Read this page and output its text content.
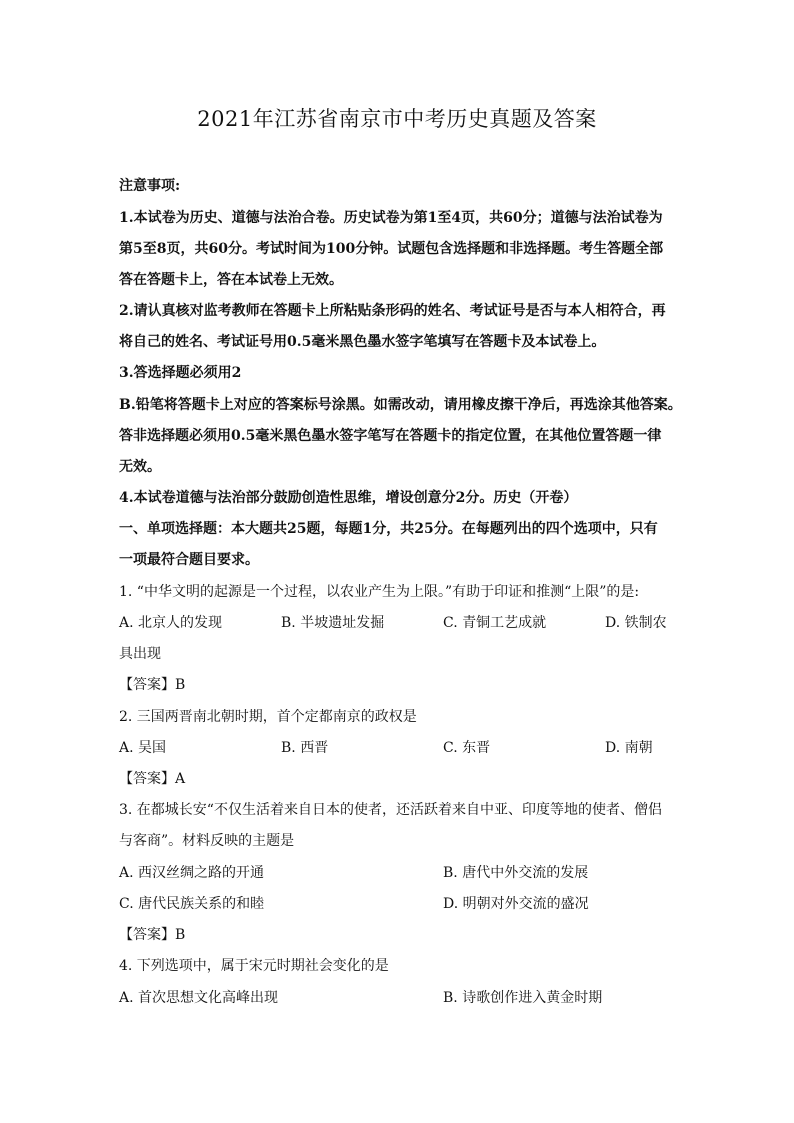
2021年江苏省南京市中考历史真题及答案
注意事项:
1.本试卷为历史、道德与法治合卷。历史试卷为第1至4页，共60分；道德与法治试卷为
第5至8页，共60分。考试时间为100分钟。试题包含选择题和非选择题。考生答题全部
答在答题卡上，答在本试卷上无效。
2.请认真核对监考教师在答题卡上所粘贴条形码的姓名、考试证号是否与本人相符合，再
将自己的姓名、考试证号用0.5毫米黑色墨水签字笔填写在答题卡及本试卷上。
3.答选择题必须用2
B.铅笔将答题卡上对应的答案标号涂黑。如需改动，请用橡皮擦干净后，再选涂其他答案。
答非选择题必须用0.5毫米黑色墨水签字笔写在答题卡的指定位置，在其他位置答题一律
无效。
4.本试卷道德与法治部分鼓励创造性思维，增设创意分2分。历史（开卷）
一、单项选择题：本大题共25题，每题1分，共25分。在每题列出的四个选项中，只有
一项最符合题目要求。
1. “中华文明的起源是一个过程，以农业产生为上限。”有助于印证和推测“上限”的是:
A. 北京人的发现	B. 半坡遗址发掘	C. 青铜工艺成就	D. 铁制农
具出现
【答案】B
2. 三国两晋南北朝时期，首个定都南京的政权是
A. 吴国	B. 西晋	C. 东晋	D. 南朝
【答案】A
3. 在都城长安“不仅生活着来自日本的使者，还活跃着来自中亚、印度等地的使者、僧侣
与客商”。材料反映的主题是
A. 西汉丝绸之路的开通	B. 唐代中外交流的发展
C. 唐代民族关系的和睦	D. 明朝对外交流的盛况
【答案】B
4. 下列选项中，属于宋元时期社会变化的是
A. 首次思想文化高峰出现	B. 诗歌创作进入黄金时期
